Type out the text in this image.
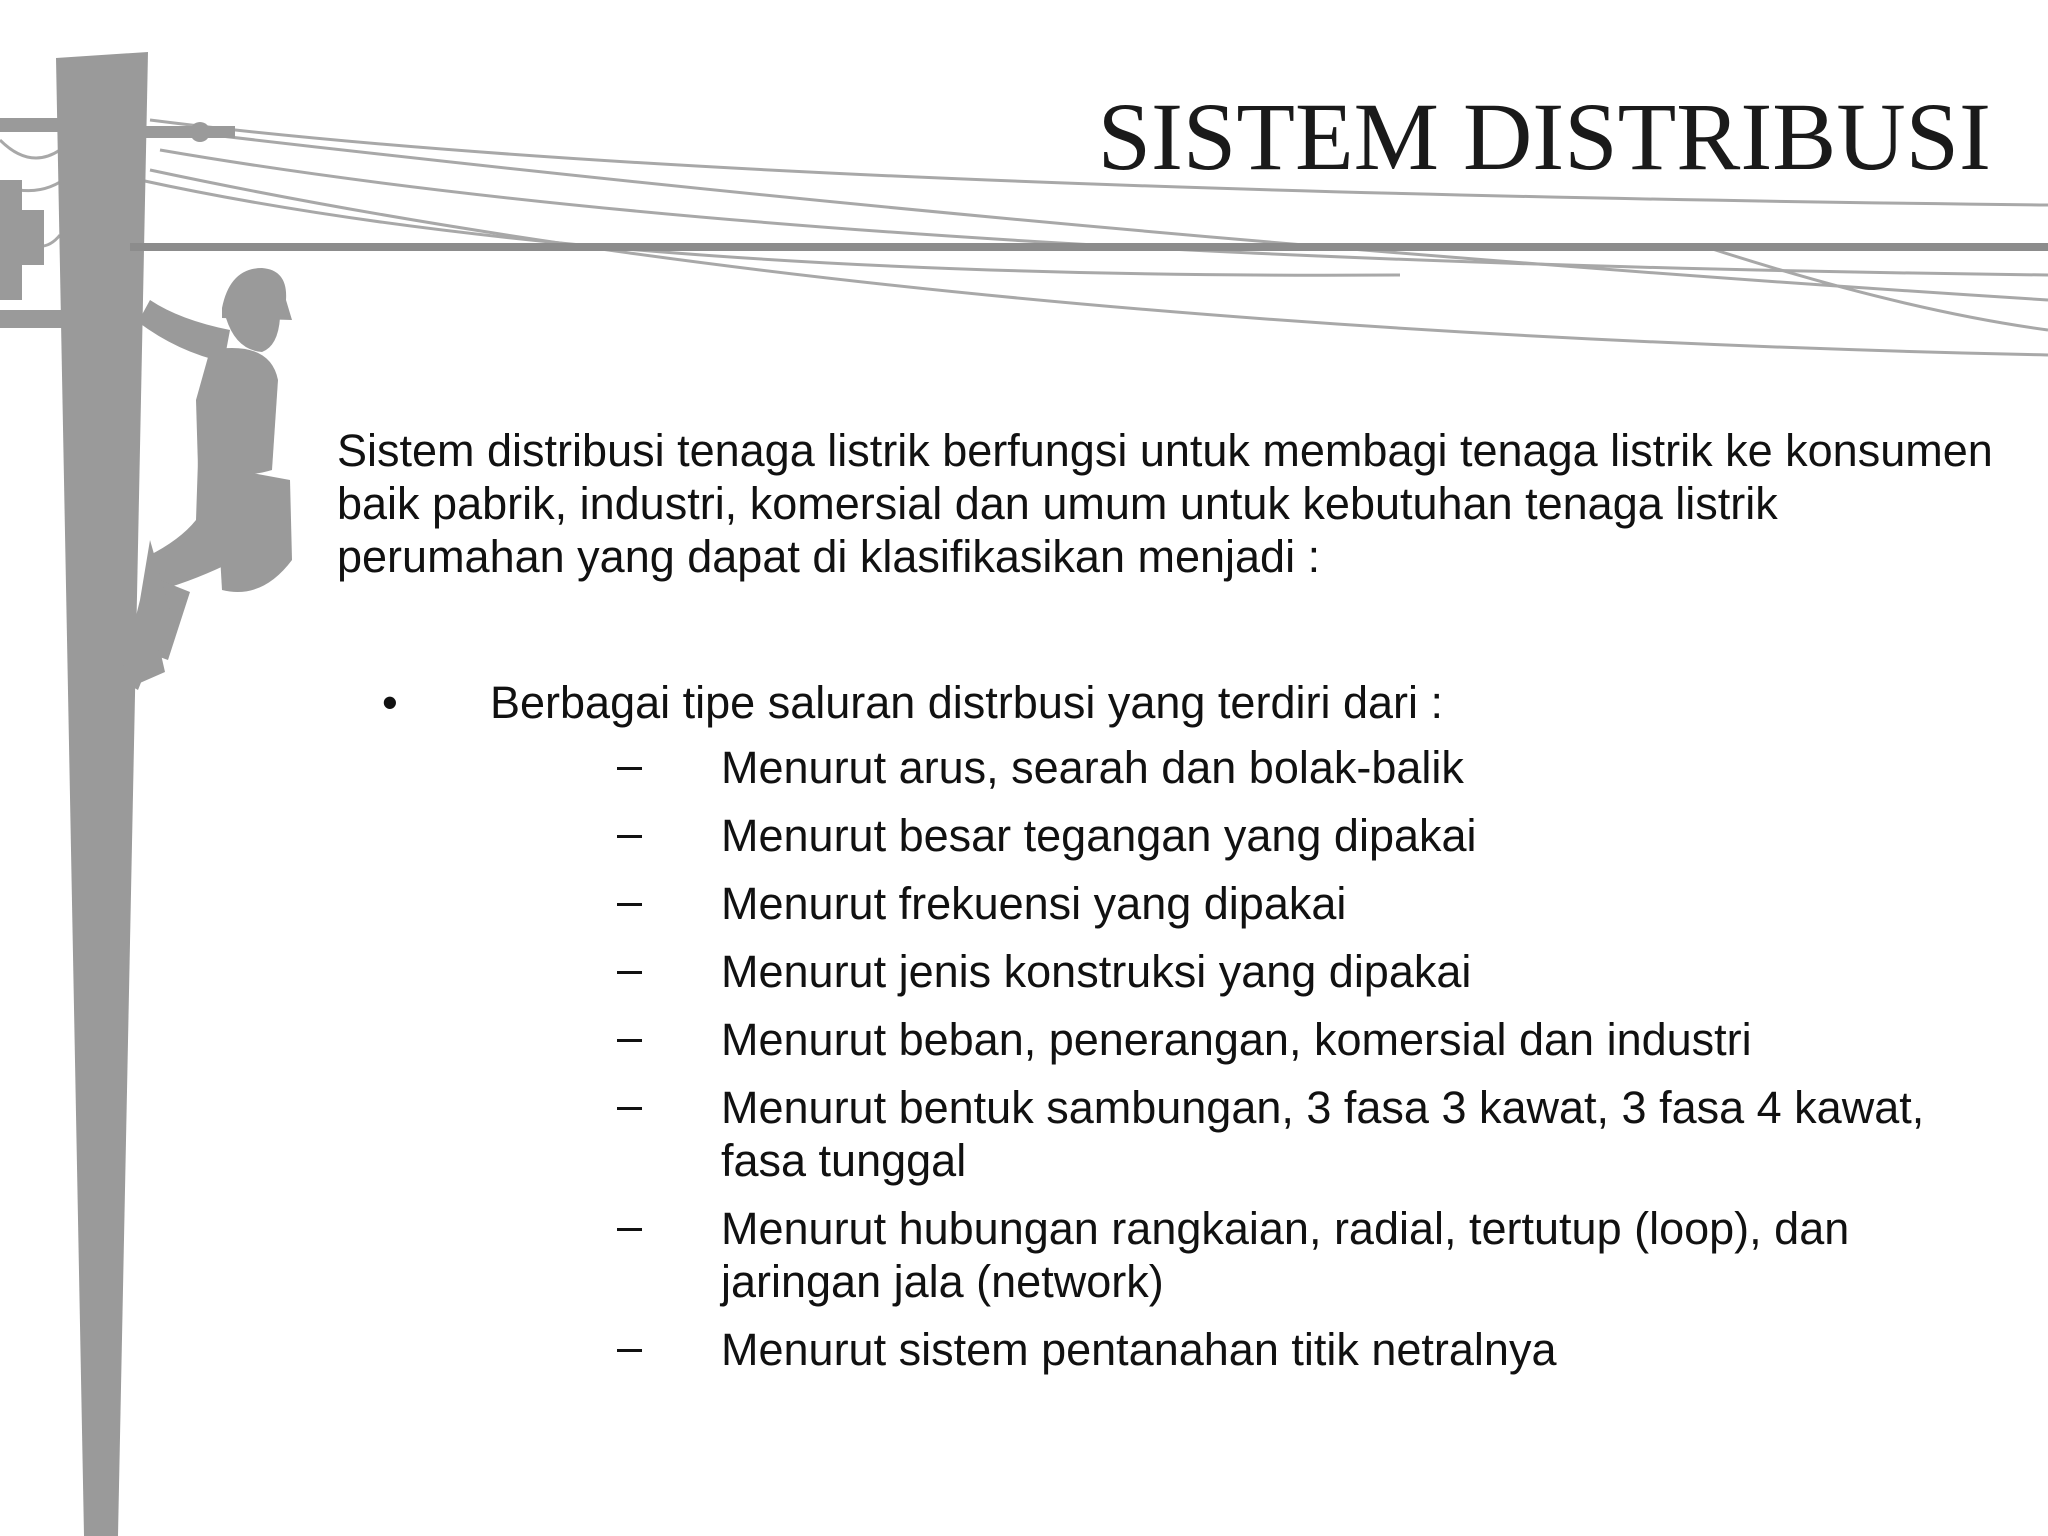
SISTEM DISTRIBUSI

Sistem distribusi tenaga listrik berfungsi untuk membagi tenaga listrik ke konsumen baik pabrik, industri, komersial dan umum untuk kebutuhan tenaga listrik perumahan yang dapat di klasifikasikan menjadi :

•	Berbagai tipe saluran distrbusi yang terdiri dari :
–	Menurut arus, searah dan bolak-balik
–	Menurut besar tegangan yang dipakai
–	Menurut frekuensi yang dipakai
–	Menurut jenis konstruksi yang dipakai
–	Menurut beban, penerangan, komersial dan industri
–	Menurut bentuk sambungan, 3 fasa 3 kawat, 3 fasa 4 kawat, fasa tunggal
–	Menurut hubungan rangkaian, radial, tertutup (loop), dan jaringan jala (network)
–	Menurut sistem pentanahan titik netralnya
